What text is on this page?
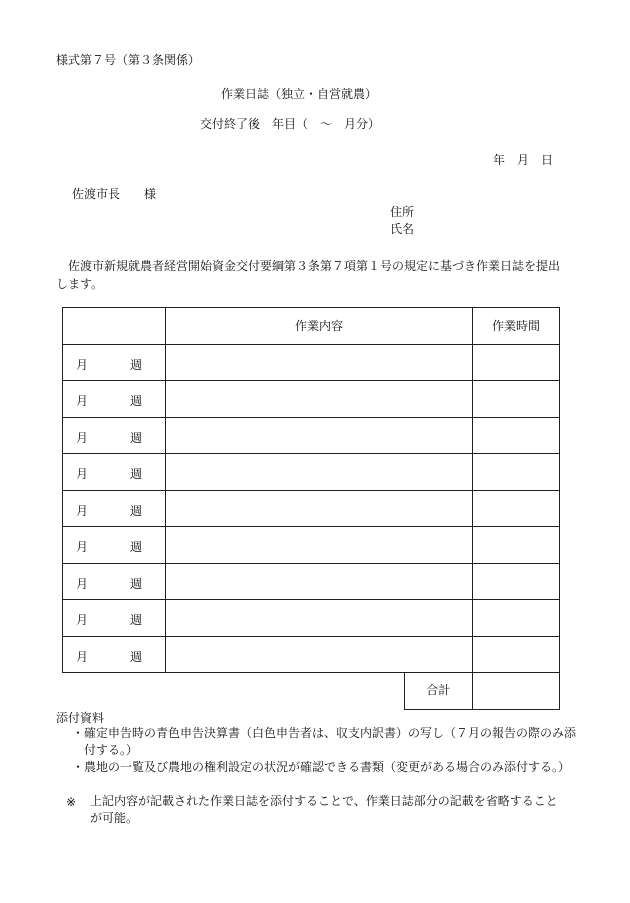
様式第７号（第３条関係）
作業日誌（独立・自営就農）
交付終了後　年目（　～　月分）
年　月　日
佐渡市長　　様
住所
氏名
佐渡市新規就農者経営開始資金交付要綱第３条第７項第１号の規定に基づき作業日誌を提出します。
	作業内容	作業時間

月 週		

月 週		

月 週		

月 週		

月 週		

月 週		

月 週		

月 週		

月 週		

	合計	

添付資料
・確定申告時の青色申告決算書（白色申告者は、収支内訳書）の写し（７月の報告の際のみ添付する。）
・農地の一覧及び農地の権利設定の状況が確認できる書類（変更がある場合のみ添付する。）
※ 上記内容が記載された作業日誌を添付することで、作業日誌部分の記載を省略することが可能。
